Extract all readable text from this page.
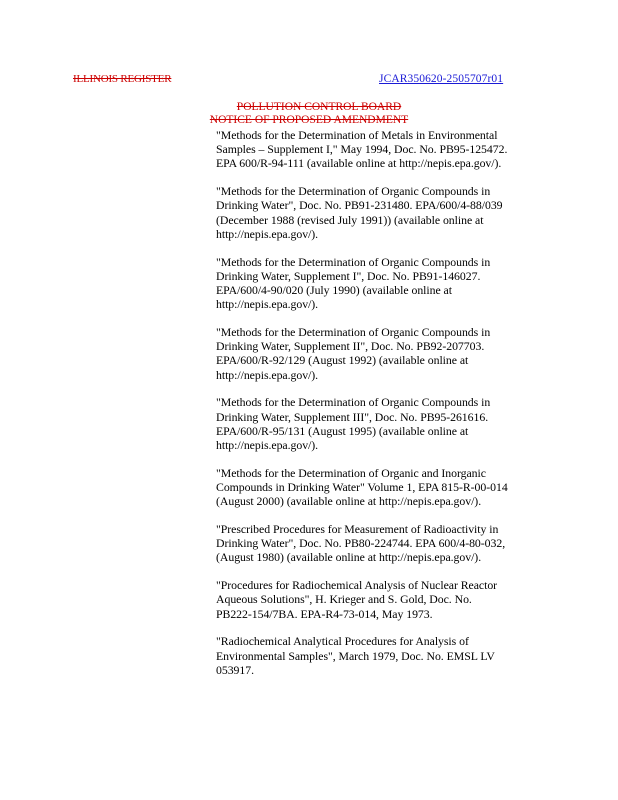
ILLINOIS REGISTER	JCAR350620-2505707r01
POLLUTION CONTROL BOARD
NOTICE OF PROPOSED AMENDMENT
"Methods for the Determination of Metals in Environmental
Samples – Supplement I," May 1994, Doc. No. PB95-125472.
EPA 600/R-94-111 (available online at http://nepis.epa.gov/).
"Methods for the Determination of Organic Compounds in
Drinking Water", Doc. No. PB91-231480. EPA/600/4-88/039
(December 1988 (revised July 1991)) (available online at
http://nepis.epa.gov/).
"Methods for the Determination of Organic Compounds in
Drinking Water, Supplement I", Doc. No. PB91-146027.
EPA/600/4-90/020 (July 1990) (available online at
http://nepis.epa.gov/).
"Methods for the Determination of Organic Compounds in
Drinking Water, Supplement II", Doc. No. PB92-207703.
EPA/600/R-92/129 (August 1992) (available online at
http://nepis.epa.gov/).
"Methods for the Determination of Organic Compounds in
Drinking Water, Supplement III", Doc. No. PB95-261616.
EPA/600/R-95/131 (August 1995) (available online at
http://nepis.epa.gov/).
"Methods for the Determination of Organic and Inorganic
Compounds in Drinking Water" Volume 1, EPA 815-R-00-014
(August 2000) (available online at http://nepis.epa.gov/).
"Prescribed Procedures for Measurement of Radioactivity in
Drinking Water", Doc. No. PB80-224744. EPA 600/4-80-032,
(August 1980) (available online at http://nepis.epa.gov/).
"Procedures for Radiochemical Analysis of Nuclear Reactor
Aqueous Solutions", H. Krieger and S. Gold, Doc. No.
PB222-154/7BA. EPA-R4-73-014, May 1973.
"Radiochemical Analytical Procedures for Analysis of
Environmental Samples", March 1979, Doc. No. EMSL LV
053917.
